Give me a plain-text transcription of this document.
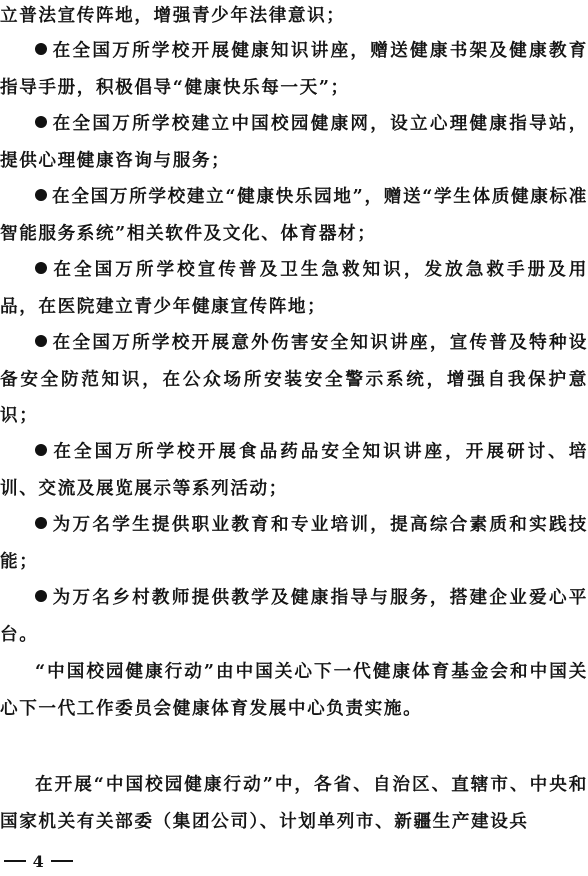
立普法宣传阵地，增强青少年法律意识；

在全国万所学校开展健康知识讲座，赠送健康书架及健康教育指导手册，积极倡导“健康快乐每一天”；

在全国万所学校建立中国校园健康网，设立心理健康指导站，提供心理健康咨询与服务；

在全国万所学校建立“健康快乐园地”，赠送“学生体质健康标准智能服务系统”相关软件及文化、体育器材；

在全国万所学校宣传普及卫生急救知识，发放急救手册及用品，在医院建立青少年健康宣传阵地；

在全国万所学校开展意外伤害安全知识讲座，宣传普及特种设备安全防范知识，在公众场所安装安全警示系统，增强自我保护意识；

在全国万所学校开展食品药品安全知识讲座，开展研讨、培训、交流及展览展示等系列活动；

为万名学生提供职业教育和专业培训，提高综合素质和实践技能；

为万名乡村教师提供教学及健康指导与服务，搭建企业爱心平台。

“中国校园健康行动”由中国关心下一代健康体育基金会和中国关心下一代工作委员会健康体育发展中心负责实施。

在开展“中国校园健康行动”中，各省、自治区、直辖市、中央和国家机关有关部委（集团公司）、计划单列市、新疆生产建设兵

4
